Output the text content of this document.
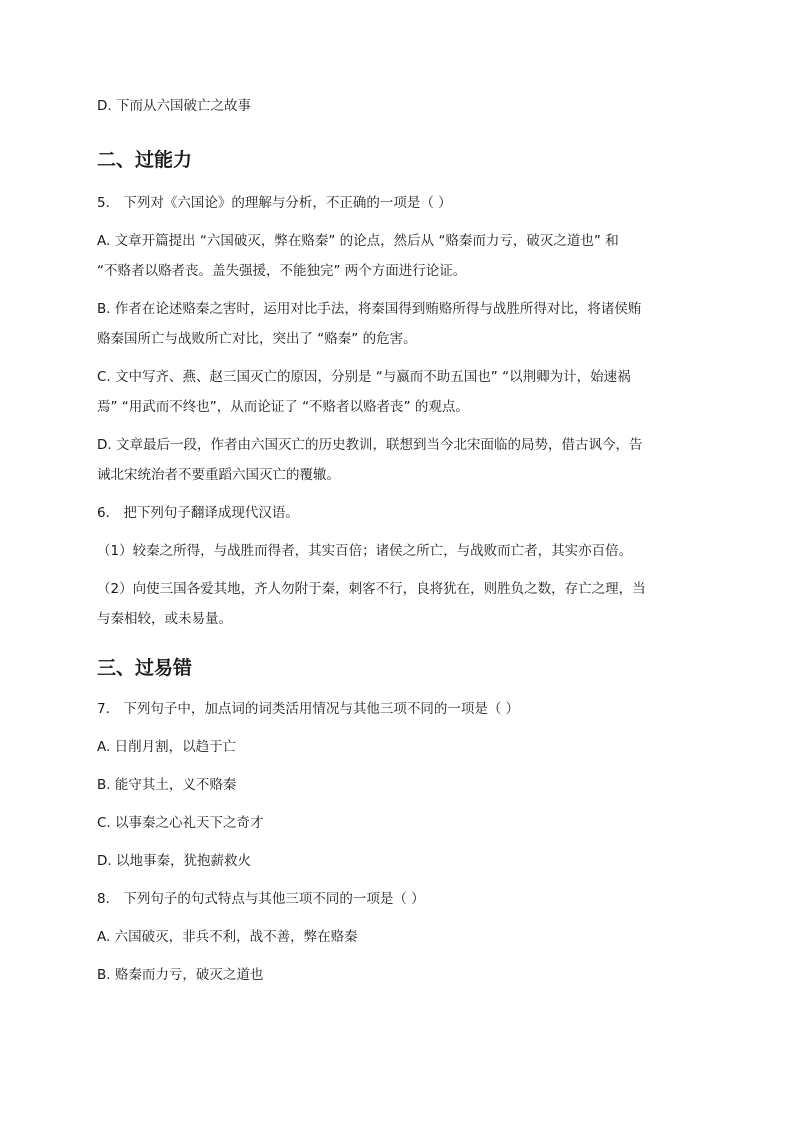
D. 下而从六国破亡之故事

二、过能力

5． 下列对《六国论》的理解与分析，不正确的一项是（ ）

A. 文章开篇提出 “六国破灭，弊在赂秦” 的论点，然后从 “赂秦而力亏，破灭之道也” 和

“不赂者以赂者丧。盖失强援，不能独完” 两个方面进行论证。

B. 作者在论述赂秦之害时，运用对比手法，将秦国得到贿赂所得与战胜所得对比，将诸侯贿

赂秦国所亡与战败所亡对比，突出了 “赂秦” 的危害。

C. 文中写齐、燕、赵三国灭亡的原因，分别是 “与嬴而不助五国也” “以荆卿为计，始速祸

焉” “用武而不终也”，从而论证了 “不赂者以赂者丧” 的观点。

D. 文章最后一段，作者由六国灭亡的历史教训，联想到当今北宋面临的局势，借古讽今，告

诫北宋统治者不要重蹈六国灭亡的覆辙。

6． 把下列句子翻译成现代汉语。

（1）较秦之所得，与战胜而得者，其实百倍；诸侯之所亡，与战败而亡者，其实亦百倍。

（2）向使三国各爱其地，齐人勿附于秦，刺客不行，良将犹在，则胜负之数，存亡之理，当

与秦相较，或未易量。

三、过易错

7． 下列句子中，加点词的词类活用情况与其他三项不同的一项是（ ）

A. 日削月割，以趋于亡

B. 能守其土，义不赂秦

C. 以事秦之心礼天下之奇才

D. 以地事秦，犹抱薪救火

8． 下列句子的句式特点与其他三项不同的一项是（ ）

A. 六国破灭，非兵不利，战不善，弊在赂秦

B. 赂秦而力亏，破灭之道也
